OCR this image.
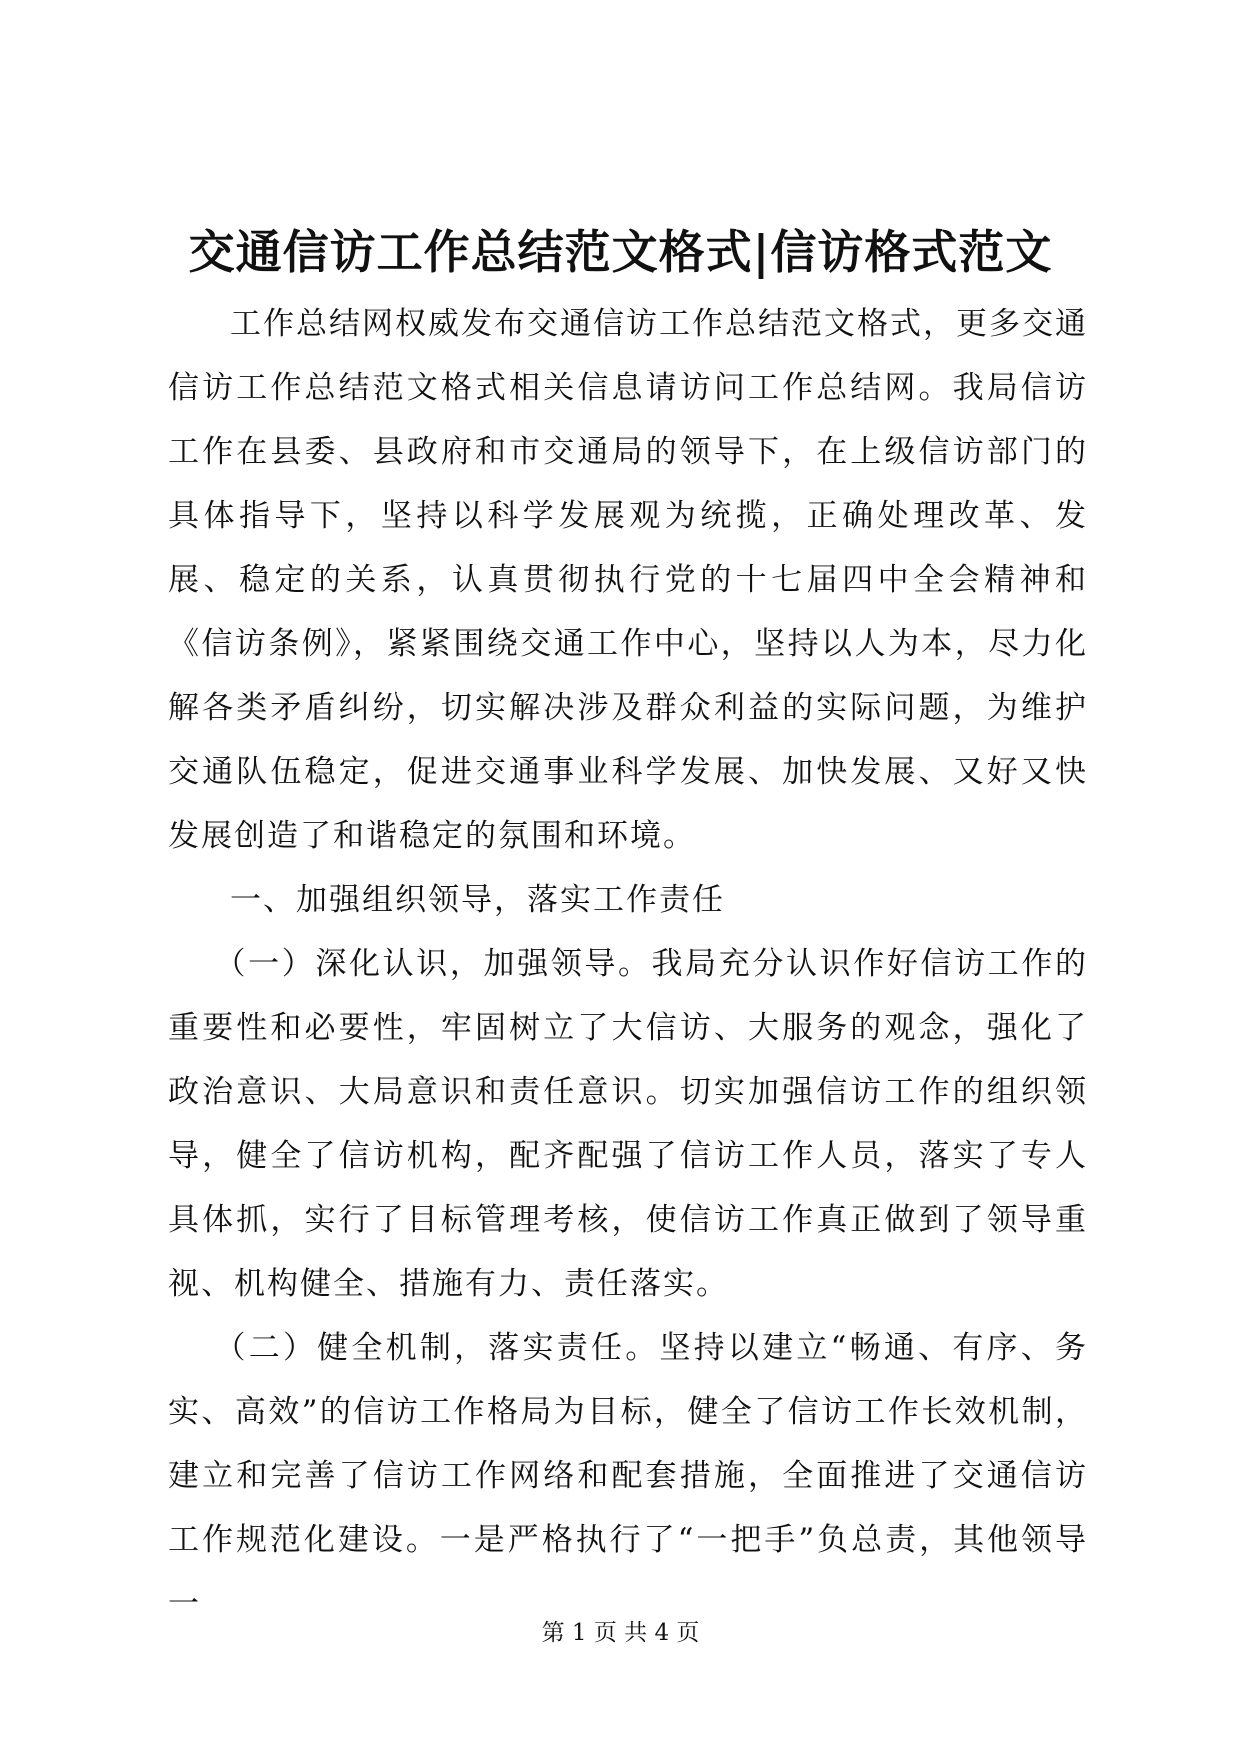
交通信访工作总结范文格式|信访格式范文

工作总结网权威发布交通信访工作总结范文格式，更多交通信访工作总结范文格式相关信息请访问工作总结网。我局信访工作在县委、县政府和市交通局的领导下，在上级信访部门的具体指导下，坚持以科学发展观为统揽，正确处理改革、发展、稳定的关系，认真贯彻执行党的十七届四中全会精神和《信访条例》，紧紧围绕交通工作中心，坚持以人为本，尽力化解各类矛盾纠纷，切实解决涉及群众利益的实际问题，为维护交通队伍稳定，促进交通事业科学发展、加快发展、又好又快发展创造了和谐稳定的氛围和环境。

一、加强组织领导，落实工作责任

（一）深化认识，加强领导。我局充分认识作好信访工作的重要性和必要性，牢固树立了大信访、大服务的观念，强化了政治意识、大局意识和责任意识。切实加强信访工作的组织领导，健全了信访机构，配齐配强了信访工作人员，落实了专人具体抓，实行了目标管理考核，使信访工作真正做到了领导重视、机构健全、措施有力、责任落实。

（二）健全机制，落实责任。坚持以建立“畅通、有序、务实、高效”的信访工作格局为目标，健全了信访工作长效机制，建立和完善了信访工作网络和配套措施，全面推进了交通信访工作规范化建设。一是严格执行了“一把手”负总责，其他领导一

第 1 页 共 4 页
